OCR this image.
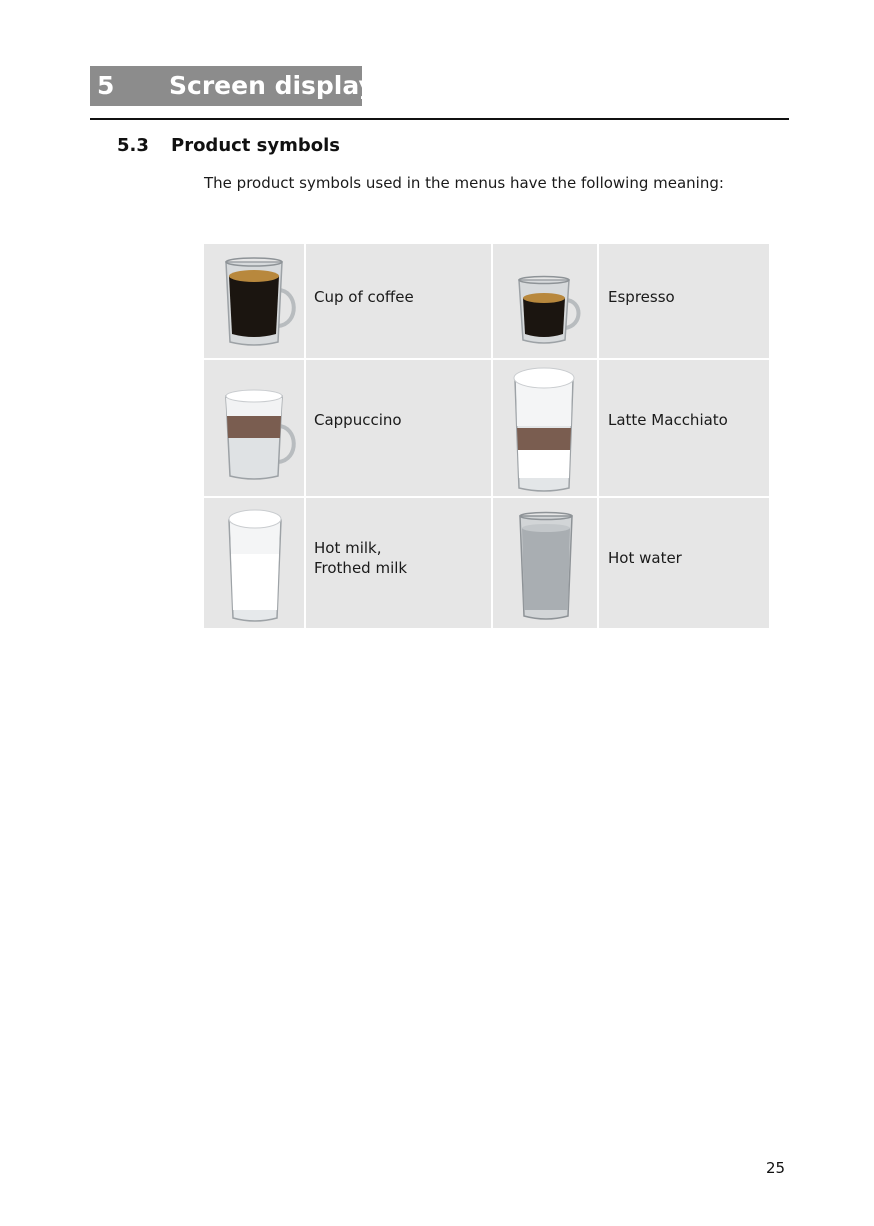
5 Screen display
5.3 Product symbols
The product symbols used in the menus have the following meaning:
Cup of coffee	Espresso
Cappuccino	Latte Macchiato
Hot milk,
Frothed milk
Hot water
25
